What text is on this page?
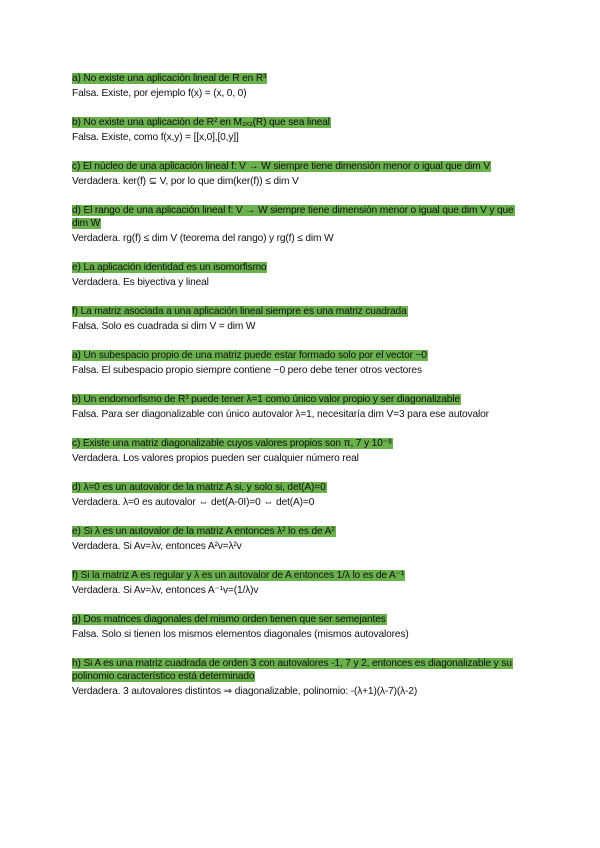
a) No existe una aplicación lineal de R en R³

Falsa. Existe, por ejemplo f(x) = (x, 0, 0)

b) No existe una aplicación de R² en M₂ₓ₂(R) que sea lineal

Falsa. Existe, como f(x,y) = [[x,0],[0,y]]

c) El núcleo de una aplicación lineal f: V → W siempre tiene dimensión menor o igual que dim V

Verdadera. ker(f) ⊆ V, por lo que dim(ker(f)) ≤ dim V

d) El rango de una aplicación lineal f: V → W siempre tiene dimensión menor o igual que dim V y que dim W

Verdadera. rg(f) ≤ dim V (teorema del rango) y rg(f) ≤ dim W

e) La aplicación identidad es un isomorfismo

Verdadera. Es biyectiva y lineal

f) La matriz asociada a una aplicación lineal siempre es una matriz cuadrada

Falsa. Solo es cuadrada si dim V = dim W

a) Un subespacio propio de una matriz puede estar formado solo por el vector ~0

Falsa. El subespacio propio siempre contiene ~0 pero debe tener otros vectores

b) Un endomorfismo de R³ puede tener λ=1 como único valor propio y ser diagonalizable

Falsa. Para ser diagonalizable con único autovalor λ=1, necesitaría dim V=3 para ese autovalor

c) Existe una matriz diagonalizable cuyos valores propios son π, 7 y 10⁻⁸

Verdadera. Los valores propios pueden ser cualquier número real

d) λ=0 es un autovalor de la matriz A si, y solo si, det(A)=0

Verdadera. λ=0 es autovalor ⇔ det(A-0I)=0 ⇔ det(A)=0

e) Si λ es un autovalor de la matriz A entonces λ² lo es de A²

Verdadera. Si Av=λv, entonces A²v=λ²v

f) Si la matriz A es regular y λ es un autovalor de A entonces 1/λ lo es de A⁻¹

Verdadera. Si Av=λv, entonces A⁻¹v=(1/λ)v

g) Dos matrices diagonales del mismo orden tienen que ser semejantes

Falsa. Solo si tienen los mismos elementos diagonales (mismos autovalores)

h) Si A es una matriz cuadrada de orden 3 con autovalores -1, 7 y 2, entonces es diagonalizable y su polinomio característico está determinado

Verdadera. 3 autovalores distintos ⇒ diagonalizable, polinomio: -(λ+1)(λ-7)(λ-2)
